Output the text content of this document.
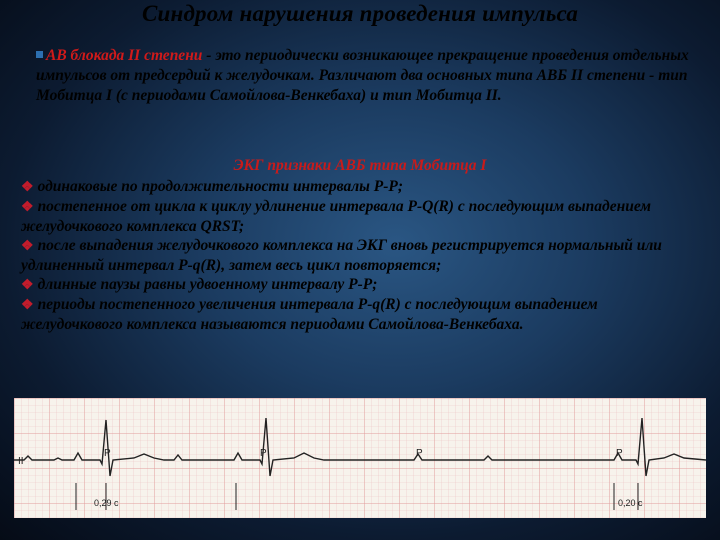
Синдром нарушения проведения импульса
АВ блокада II степени - это периодически возникающее прекращение проведения отдельных импульсов от предсердий к желудочкам. Различают два основных типа АВБ II степени - тип Мобитца I (с периодами Самойлова-Венкебаха) и тип Мобитца II.
ЭКГ признаки АВБ типа Мобитца I

❖ одинаковые по продолжительности интервалы P-P;

❖ постепенное от цикла к циклу удлинение интервала P-Q(R) с последующим выпадением желудочкового комплекса QRST;

❖ после выпадения желудочкового комплекса на ЭКГ вновь регистрируется нормальный или удлиненный интервал P-q(R), затем весь цикл повторяется;

❖ длинные паузы равны удвоенному интервалу P-P;

❖ периоды постепенного увеличения интервала P-q(R) с последующим выпадением желудочкового комплекса называются периодами Самойлова-Венкебаха.

II
P	P	P	P
0,29 с	0,20 с
